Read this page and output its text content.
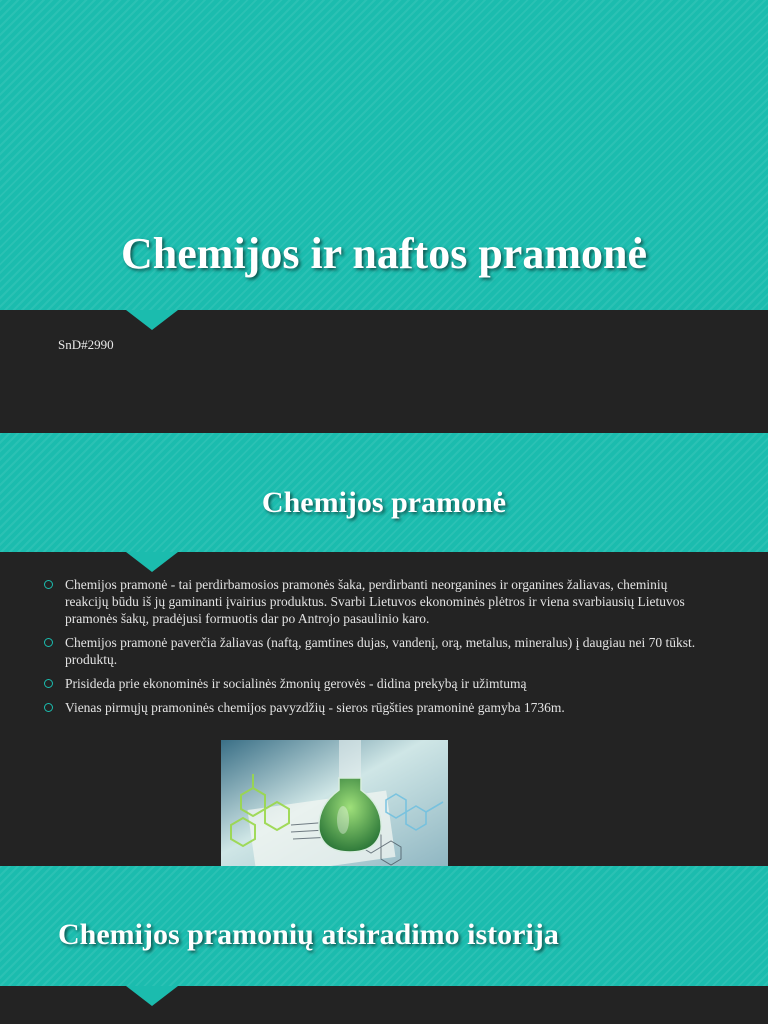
Chemijos ir naftos pramonė
SnD#2990
Chemijos pramonė
Chemijos pramonė - tai perdirbamosios pramonės šaka, perdirbanti neorganines ir organines žaliavas, cheminių reakcijų būdu iš jų gaminanti įvairius produktus. Svarbi Lietuvos ekonominės plėtros ir viena svarbiausių Lietuvos pramonės šakų, pradėjusi formuotis dar po Antrojo pasaulinio karo.
Chemijos pramonė paverčia žaliavas (naftą, gamtines dujas, vandenį, orą, metalus, mineralus) į daugiau nei 70 tūkst. produktų.
Prisideda prie ekonominės ir socialinės žmonių gerovės - didina prekybą ir užimtumą
Vienas pirmųjų pramoninės chemijos pavyzdžių - sieros rūgšties pramoninė gamyba 1736m.
Chemijos pramonių atsiradimo istorija
